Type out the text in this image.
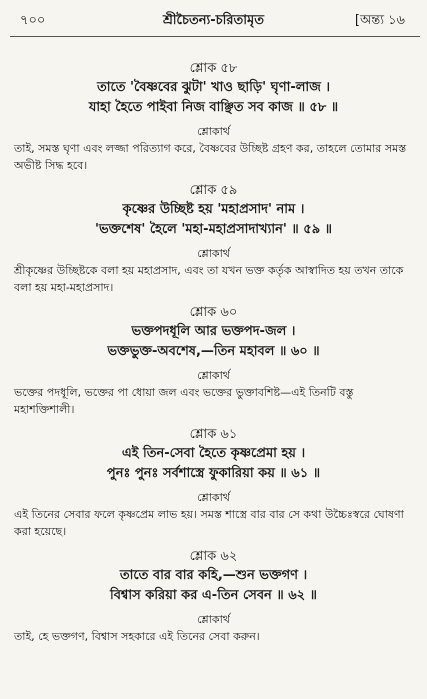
৭০০	শ্রীচৈতন্য-চরিতামৃত	[অন্ত্য ১৬
শ্লোক ৫৮
তাতে 'বৈষ্ণবের ঝুটা' খাও ছাড়ি' ঘৃণা-লাজ ।
যাহা হৈতে পাইবা নিজ বাঞ্ছিত সব কাজ ॥ ৫৮ ॥
শ্লোকার্থ
তাই, সমস্ত ঘৃণা এবং লজ্জা পরিত্যাগ করে, বৈষ্ণবের উচ্ছিষ্ট গ্রহণ কর, তাহলে তোমার সমস্ত অভীষ্ট সিদ্ধ হবে।
শ্লোক ৫৯
কৃষ্ণের উচ্ছিষ্ট হয় 'মহাপ্রসাদ' নাম ।
'ভক্তশেষ' হৈলে 'মহা-মহাপ্রসাদাখ্যান' ॥ ৫৯ ॥
শ্লোকার্থ
শ্রীকৃষ্ণের উচ্ছিষ্টকে বলা হয় মহাপ্রসাদ, এবং তা যখন ভক্ত কর্তৃক আস্বাদিত হয় তখন তাকে বলা হয় মহা-মহাপ্রসাদ।
শ্লোক ৬০
ভক্তপদধূলি আর ভক্তপদ-জল ।
ভক্তভুক্ত-অবশেষ,—তিন মহাবল ॥ ৬০ ॥
শ্লোকার্থ
ভক্তের পদধূলি, ভক্তের পা ধোয়া জল এবং ভক্তের ভুক্তাবশিষ্ট—এই তিনটি বস্তু মহাশক্তিশালী।
শ্লোক ৬১
এই তিন-সেবা হৈতে কৃষ্ণপ্রেমা হয় ।
পুনঃ পুনঃ সর্বশাস্ত্রে ফুকারিয়া কয় ॥ ৬১ ॥
শ্লোকার্থ
এই তিনের সেবার ফলে কৃষ্ণপ্রেম লাভ হয়। সমস্ত শাস্ত্রে বার বার সে কথা উচ্চৈঃস্বরে ঘোষণা করা হয়েছে।
শ্লোক ৬২
তাতে বার বার কহি,—শুন ভক্তগণ ।
বিশ্বাস করিয়া কর এ-তিন সেবন ॥ ৬২ ॥
শ্লোকার্থ
তাই, হে ভক্তগণ, বিশ্বাস সহকারে এই তিনের সেবা করুন।
